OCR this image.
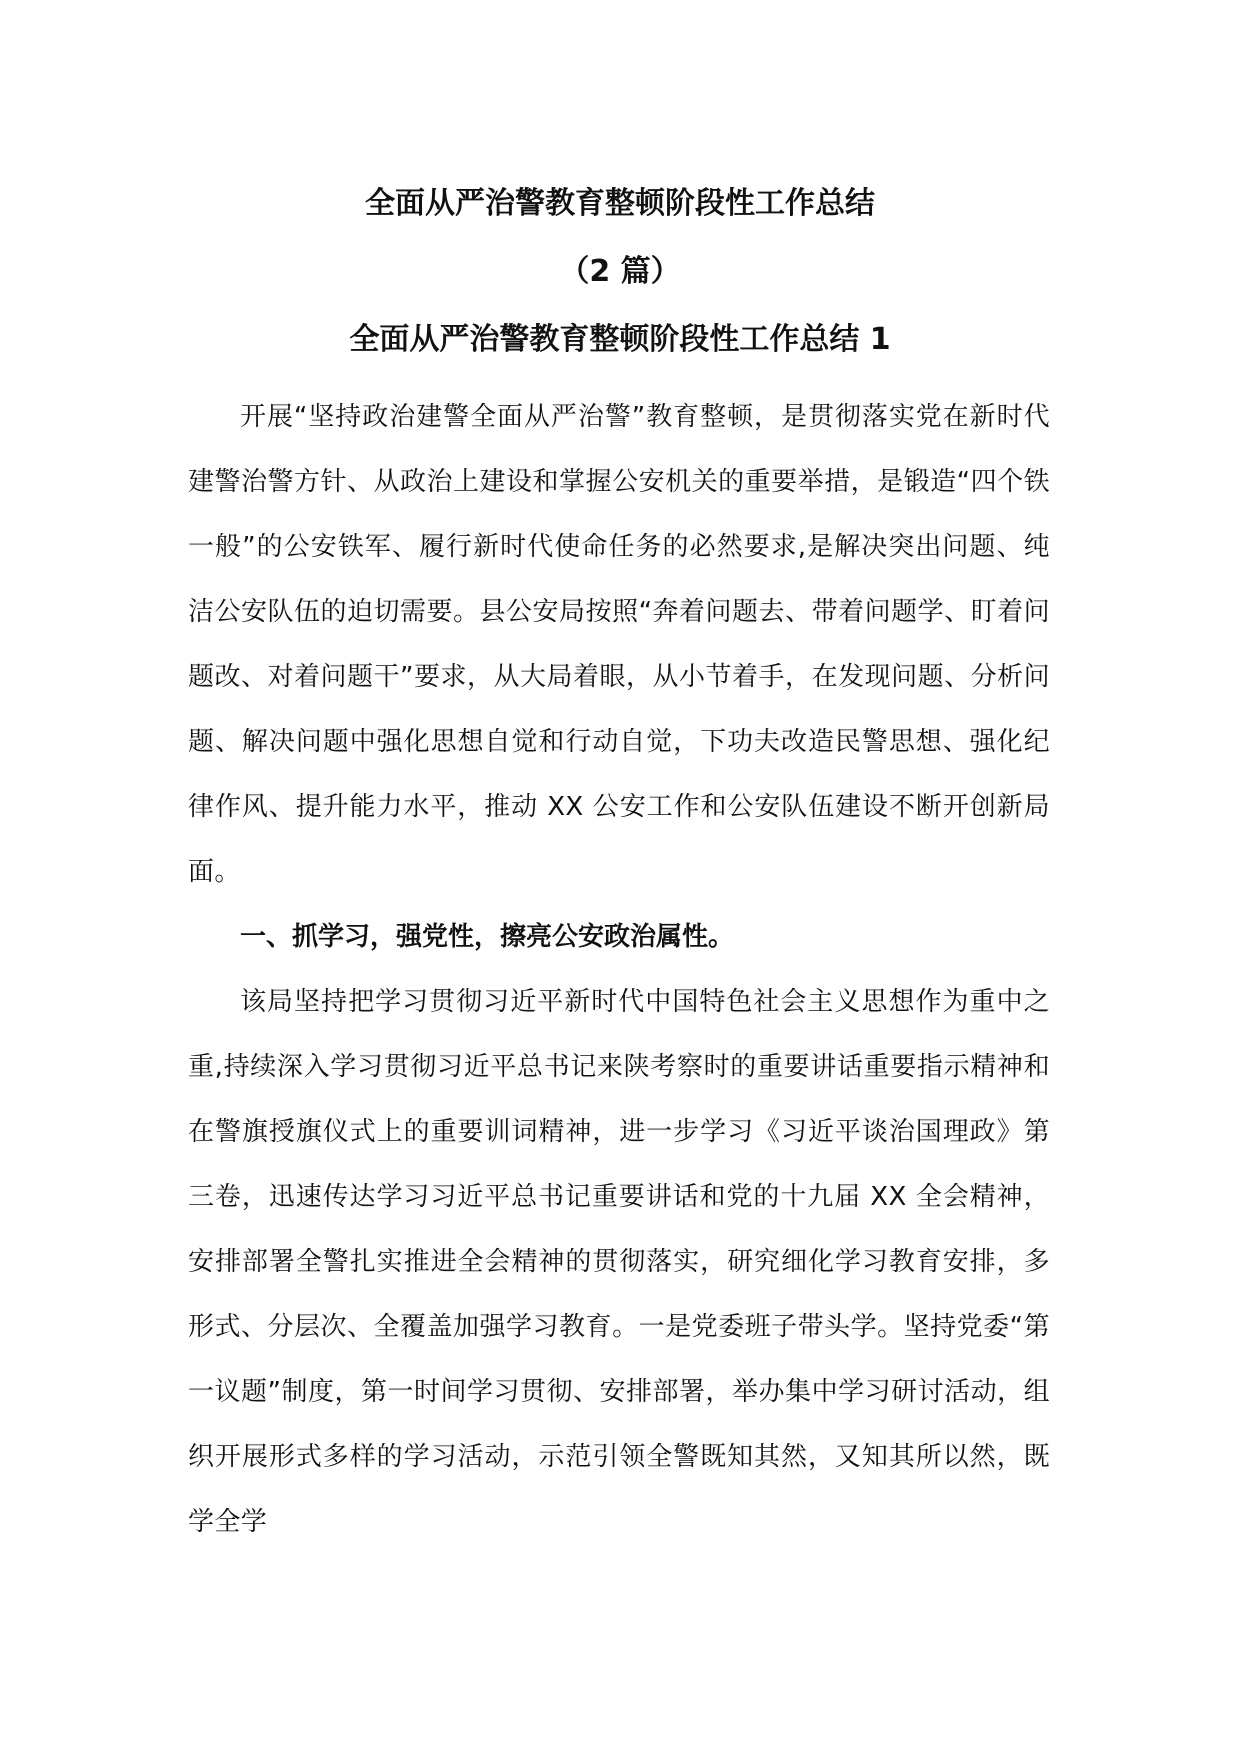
全面从严治警教育整顿阶段性工作总结
（2 篇）
全面从严治警教育整顿阶段性工作总结 1

开展“坚持政治建警全面从严治警”教育整顿，是贯彻落实党在新时代建警治警方针、从政治上建设和掌握公安机关的重要举措，是锻造“四个铁一般”的公安铁军、履行新时代使命任务的必然要求,是解决突出问题、纯洁公安队伍的迫切需要。县公安局按照“奔着问题去、带着问题学、盯着问题改、对着问题干”要求，从大局着眼，从小节着手，在发现问题、分析问题、解决问题中强化思想自觉和行动自觉，下功夫改造民警思想、强化纪律作风、提升能力水平，推动 XX 公安工作和公安队伍建设不断开创新局面。

一、抓学习，强党性，擦亮公安政治属性。

该局坚持把学习贯彻习近平新时代中国特色社会主义思想作为重中之重,持续深入学习贯彻习近平总书记来陕考察时的重要讲话重要指示精神和在警旗授旗仪式上的重要训词精神，进一步学习《习近平谈治国理政》第三卷，迅速传达学习习近平总书记重要讲话和党的十九届 XX 全会精神，安排部署全警扎实推进全会精神的贯彻落实，研究细化学习教育安排，多形式、分层次、全覆盖加强学习教育。一是党委班子带头学。坚持党委“第一议题”制度，第一时间学习贯彻、安排部署，举办集中学习研讨活动，组织开展形式多样的学习活动，示范引领全警既知其然，又知其所以然，既学全学
